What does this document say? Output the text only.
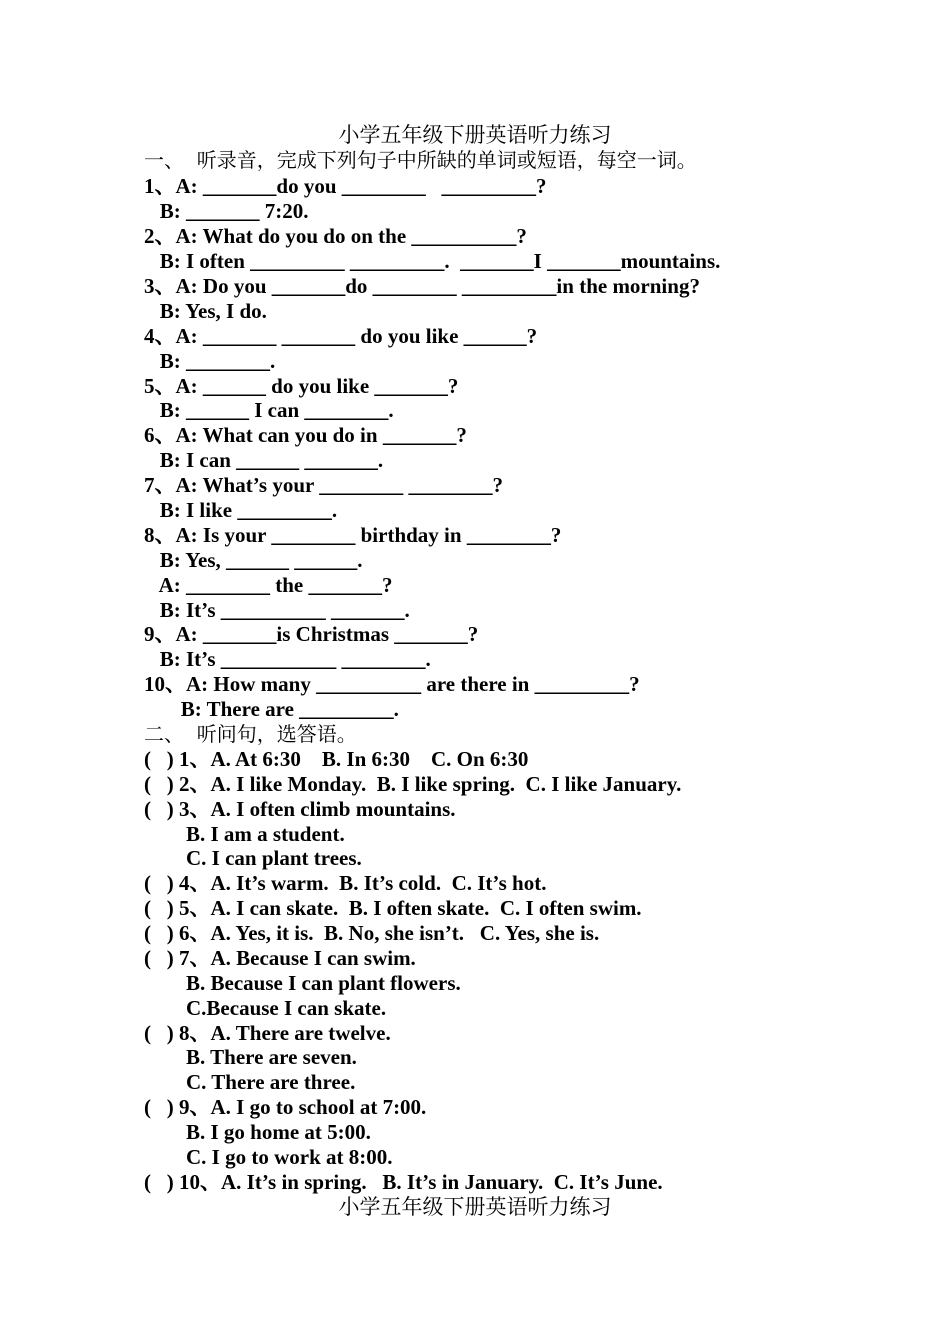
小学五年级下册英语听力练习
一、  听录音，完成下列句子中所缺的单词或短语，每空一词。
1、A: _______do you ________   _________?
B: _______ 7:20.
2、A: What do you do on the __________?
B: I often _________ _________.  _______I _______mountains.
3、A: Do you _______do ________ _________in the morning?
B: Yes, I do.
4、A: _______ _______ do you like ______?
B: ________.
5、A: ______ do you like _______?
B: ______ I can ________.
6、A: What can you do in _______?
B: I can ______ _______.
7、A: What’s your ________ ________?
B: I like _________.
8、A: Is your ________ birthday in ________?
B: Yes, ______ ______.
A: ________ the _______?
B: It’s __________ _______.
9、A: _______is Christmas _______?
B: It’s ___________ ________.
10、A: How many __________ are there in _________?
B: There are _________.
二、  听问句，选答语。
(   ) 1、A. At 6:30    B. In 6:30    C. On 6:30
(   ) 2、A. I like Monday.  B. I like spring.  C. I like January.
(   ) 3、A. I often climb mountains.
B. I am a student.
C. I can plant trees.
(   ) 4、A. It’s warm.  B. It’s cold.  C. It’s hot.
(   ) 5、A. I can skate.  B. I often skate.  C. I often swim.
(   ) 6、A. Yes, it is.  B. No, she isn’t.   C. Yes, she is.
(   ) 7、A. Because I can swim.
B. Because I can plant flowers.
C.Because I can skate.
(   ) 8、A. There are twelve.
B. There are seven.
C. There are three.
(   ) 9、A. I go to school at 7:00.
B. I go home at 5:00.
C. I go to work at 8:00.
(   ) 10、A. It’s in spring.   B. It’s in January.  C. It’s June.
小学五年级下册英语听力练习
